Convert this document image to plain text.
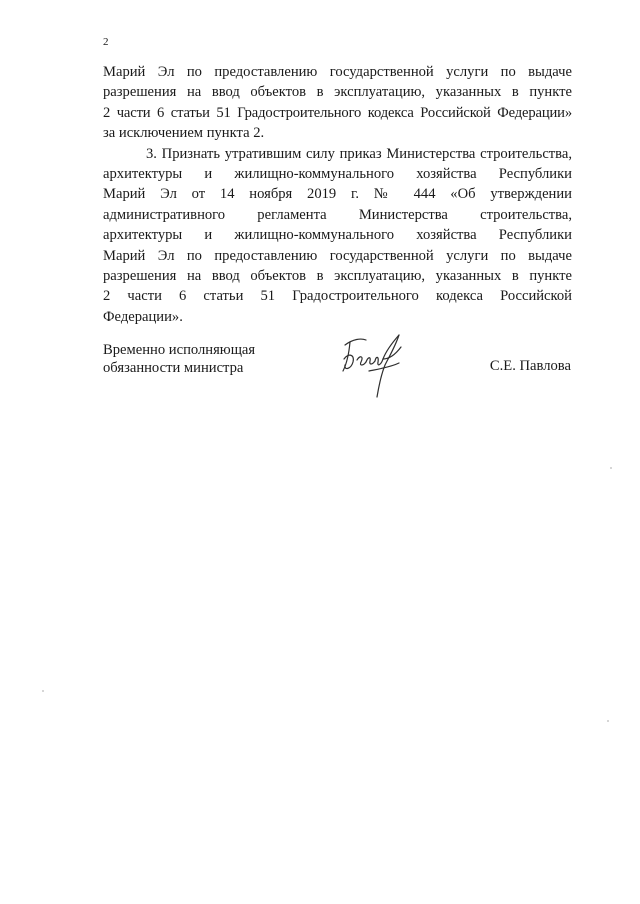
2
Марий Эл по предоставлению государственной услуги по выдаче
разрешения на ввод объектов в эксплуатацию, указанных в пункте
2 части 6 статьи 51 Градостроительного кодекса Российской Федерации»
за исключением пункта 2.
3. Признать утратившим силу приказ Министерства строительства,
архитектуры и жилищно-коммунального хозяйства Республики
Марий Эл от 14 ноября 2019 г. № 444 «Об утверждении
административного регламента Министерства строительства,
архитектуры и жилищно-коммунального хозяйства Республики
Марий Эл по предоставлению государственной услуги по выдаче
разрешения на ввод объектов в эксплуатацию, указанных в пункте
2 части 6 статьи 51 Градостроительного кодекса Российской
Федерации».
Временно исполняющая
обязанности министра	С.Е. Павлова
